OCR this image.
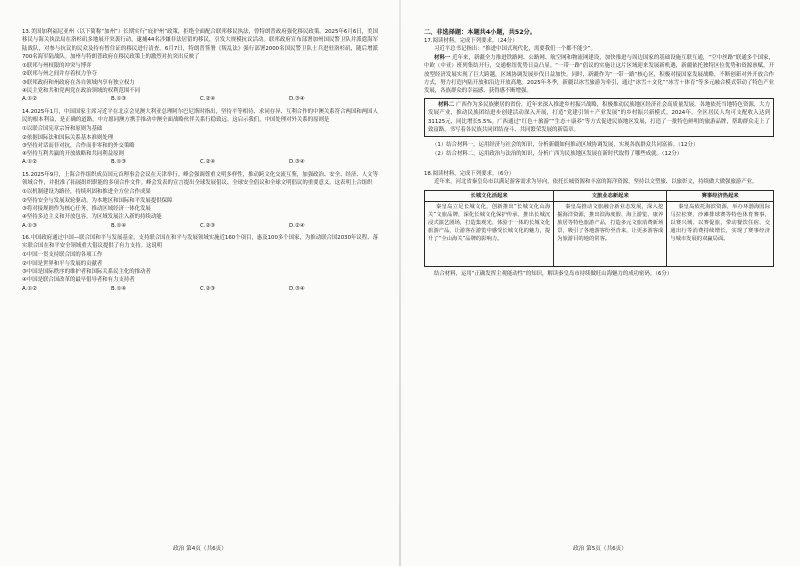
13.美国加利福尼亚州（以下简称“加州”）长期实行“庇护州”政策，拒绝全面配合联邦移民执法，曾特朗普政府强化移民政策。2025年6月6日，美国移民与海关执法局在洛杉矶多地展开突袭行动，逮捕44名涉嫌非法居留的移民，引发大规模抗议活动。联邦政府宣布部署加州国民警卫队并派遣海军陆战队，对参与抗议的民众及持有暂住证的移民进行清查。6月7日，特朗普签署《叛乱法》强行部署2000名国民警卫队士兵进驻洛杉矶，随后增派700名海军陆战队。加州与特朗普政府在移民政策上的激烈对抗突出反映了

①联邦与州权限的冲突与博弈

②联邦与州之间并存着权力争夺

③联邦政府和州政府在各自领域内享有独立权力

④民主党和共和党两党在政治领域的权利范围不同

A.①②	B.①③	C.②④	D.③④

14.2025年1月，中国国家主席习近平在北京会见澳大利亚总理阿尔巴尼斯时指出，坚持平等相待、求同存异、互利合作的中澳关系符合两国和两国人民的根本利益，是正确的道路，中方愿同澳方携手推动中澳全面战略伙伴关系行稳致远。这启示我们，中国处理对外关系的原则是

①以联合国宪章宗旨和原则为基础

②依据国际法和国际关系基本准则处理

③坚持对话而非对抗，合作而非零和的外交策略

④坚持互利共赢的开放战略和共同利益原则

A.①②	B.①③	C.②④	D.③④

15.2025年9月，上海合作组织成员国元首理事会会议在天津举行。峰会强调尊重文明多样性，推动跨文化交流互鉴，加强政治、安全、经济、人文等领域合作，并批准了拓展组织职能的多项合作文件。峰会发表的宣言提出全球发展倡议、全球安全倡议和全球文明倡议的重要意义。这表明上合组织

①以机制建设为路径，持续巩固和推进全方位合作成果

②坚持安全与发展双轮驱动，为本地区和国际和平发展提供保障

③将对接规则作为核心任务，推动区域经济一体化发展

④坚持多边主义和开放包容，为区域发展注入新的持续动能

A.①③	B.①④	C.②③	D.②④

16.中国政府通过中国—联合国和平与发展基金，支持联合国在和平与发展领域实施近160个项目，惠及100多个国家，为推动联合国2030年议程、落实联合国在和平安全领域重大倡议提供了有力支持。这说明

①中国一贯支持联合国的各项工作

②中国是世界和平与发展的贡献者

③中国是国际秩序的维护者和国际关系民主化的推动者

④中国是联合国改革的最早倡导者和有力支持者

A.①②	B.①④	C.②③	D.③④
政治 第4页（共6页）

二、非选择题：本题共4小题，共52分。

17.阅读材料，完成下列要求。（24分）

习近平总书记指出：“推进中国式现代化，需要我们一个都不能少”。

材料一 近年来，新疆全力推进铁路网、公路网、航空网和物流网建设，加快推进与周边国家的基础设施互联互通，“空中丝路”联通多个国家，中欧（中亚）班列集结开行，交通枢纽优势日益凸显。“一带一路”倡议的实施让这片区域迎来发展新机遇，新疆依托独特区位优势和资源禀赋，开放型经济发展实现了巨大跨越，区域协调发展步伐日益加快。同时，新疆作为“一带一路”核心区，积极对接国家发展战略，不断创新对外开放合作方式，努力打造内陆开放和沿边开放高地。2025年冬季，新疆以冰雪旅游为牵引，通过“冰雪＋文化”“冰雪＋体育”等多元融合模式带动了特色产业发展，各族群众的幸福感、获得感不断增强。

材料二 广西作为多民族聚居的省份，近年来深入推进乡村振兴战略，积极推动民族地区经济社会高质量发展。各地依托当地特色资源，大力发展产业，推动民族团结进步创建活动深入开展，打造“党建引领＋产业发展”的乡村振兴新模式。2024年，全区居民人均可支配收入达到31125元，同比增长5.5%。广西通过“红色＋旅游”“生态＋康养”等方式促进民族地区发展，打造了一批特色鲜明的旅游品牌，帮助群众走上了致富路，书写着各民族共同团结奋斗、共同繁荣发展的新篇章。

（1）结合材料一，运用经济与社会的知识，分析新疆如何推动区域协调发展，实现各族群众共同富裕。（12分）

（2）结合材料二，运用政治与法治的知识，分析广西为民族地区发展在新时代取得了哪些成就。（12分）

18.阅读材料，完成下列要求。（6分）

近年来，河北省秦皇岛市以满足游客需求为导向，依托长城资源和丰富的海洋资源，坚持以文塑旅、以旅彰文，持续做大做强旅游产业。

长城文化活起来	文旅业态新起来	赛事经济热起来
秦皇岛立足长城文化，创新推出“长城文化山海关”文旅品牌，深化长城文化保护传承，推出长城沉浸式演艺剧场，打造集观光、体验于一体的长城文化旅游产品，让游客在游览中感受长城文化的魅力，提升了“全山海关”品牌的影响力。	秦皇岛推动文旅融合新业态发展，深入挖掘海洋资源，推出滨海度假、海上游览、康养旅居等特色旅游产品，打造多元文旅消费新场景，吸引了各地游客纷至沓来，让更多游客成为旅游目的地的常客。	秦皇岛依托海滨资源，举办环渤海国际马拉松赛、沙滩排球赛等特色体育赛事，以赛兴城、以赛促旅，带动餐饮住宿、交通出行等消费持续增长，实现了赛事经济与城市发展的双赢局面。

结合材料，运用“正确发挥主观能动性”的知识，解读秦皇岛市持续做旺山海魅力的成功密码。（6分）

政治 第5页（共6页）
